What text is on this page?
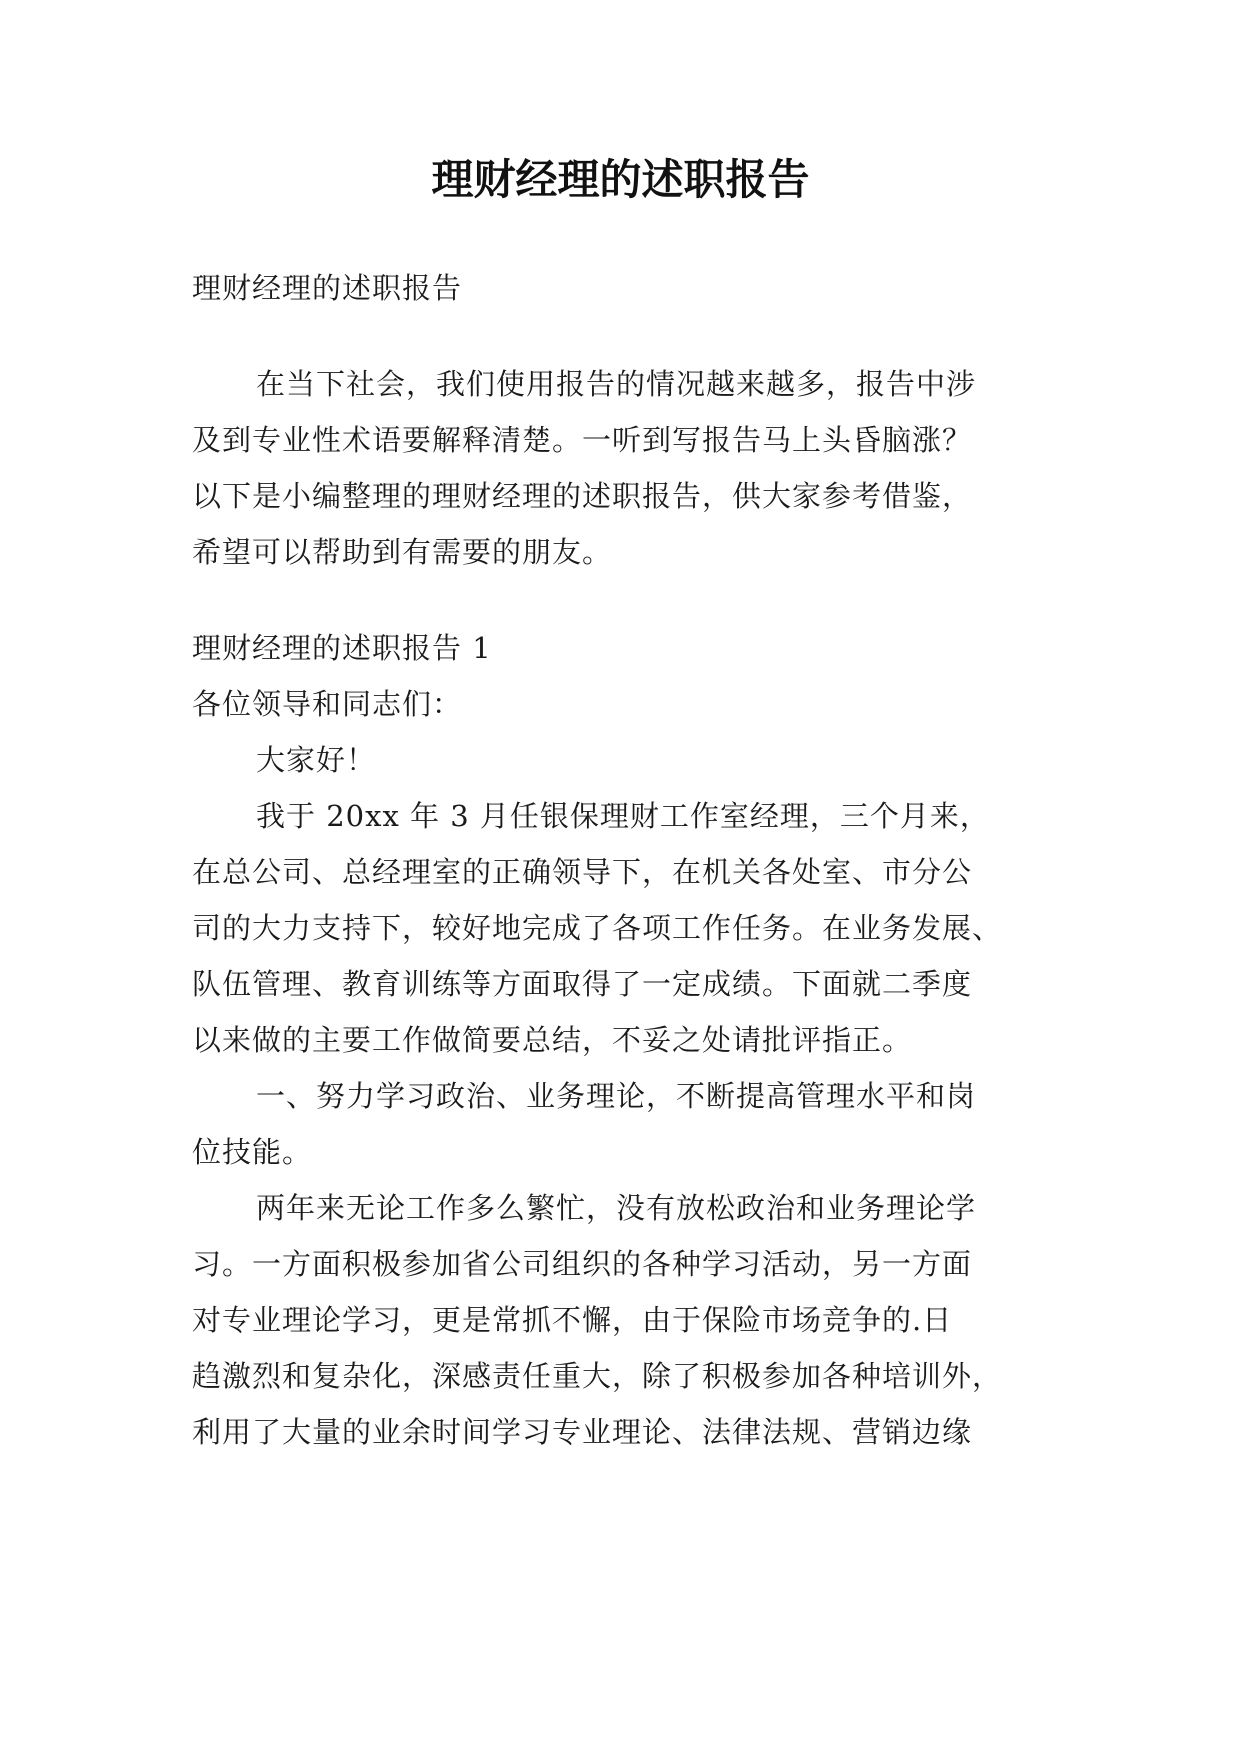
理财经理的述职报告

理财经理的述职报告

在当下社会，我们使用报告的情况越来越多，报告中涉
及到专业性术语要解释清楚。一听到写报告马上头昏脑涨？
以下是小编整理的理财经理的述职报告，供大家参考借鉴，
希望可以帮助到有需要的朋友。
理财经理的述职报告 1
各位领导和同志们：
大家好！
我于 20xx 年 3 月任银保理财工作室经理，三个月来，
在总公司、总经理室的正确领导下，在机关各处室、市分公
司的大力支持下，较好地完成了各项工作任务。在业务发展、
队伍管理、教育训练等方面取得了一定成绩。下面就二季度
以来做的主要工作做简要总结，不妥之处请批评指正。
一、努力学习政治、业务理论，不断提高管理水平和岗
位技能。
两年来无论工作多么繁忙，没有放松政治和业务理论学
习。一方面积极参加省公司组织的各种学习活动，另一方面
对专业理论学习，更是常抓不懈，由于保险市场竞争的.日
趋激烈和复杂化，深感责任重大，除了积极参加各种培训外，
利用了大量的业余时间学习专业理论、法律法规、营销边缘
